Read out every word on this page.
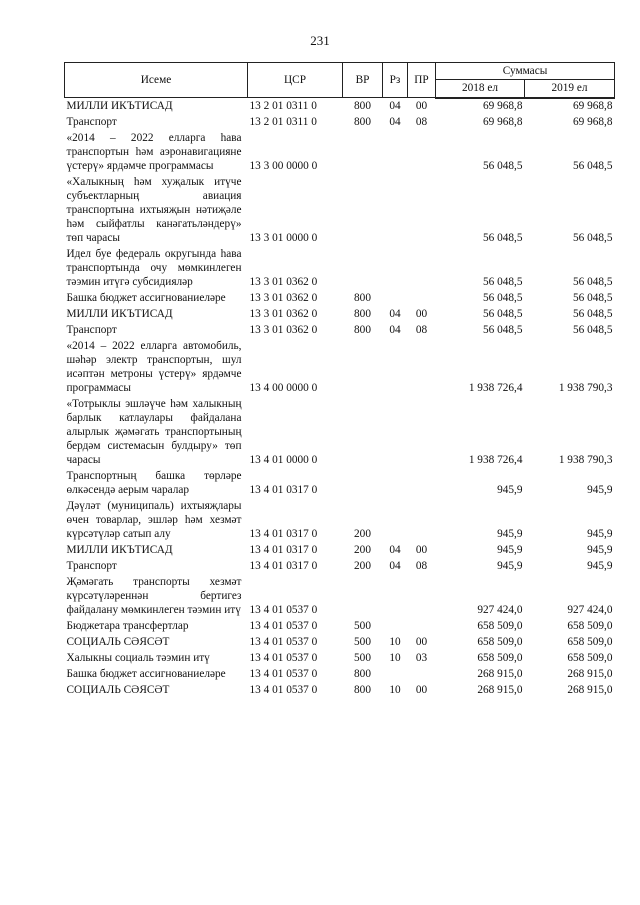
231
Исеме	ЦСР	ВР	Рз	ПР	Суммасы	
					2018 ел	2019 ел
МИЛЛИ ИКЪТИСАД	13 2 01 0311 0	800	04	00	69 968,8	69 968,8
Транспорт	13 2 01 0311 0	800	04	08	69 968,8	69 968,8
«2014 – 2022 елларга һава транспортын һәм аэронавигацияне үстерү» ярдәмче программасы	13 3 00 0000 0				56 048,5	56 048,5
«Халыкның һәм хуҗалык итүче субъектларның авиация транспортына ихтыяҗын нәтиҗәле һәм сыйфатлы канәгатьләндерү» төп чарасы	13 3 01 0000 0				56 048,5	56 048,5
Идел буе федераль округында һава транспортында очу мөмкинлеген тәэмин итүгә субсидияләр	13 3 01 0362 0				56 048,5	56 048,5
Башка бюджет ассигнованиеләре	13 3 01 0362 0	800			56 048,5	56 048,5
МИЛЛИ ИКЪТИСАД	13 3 01 0362 0	800	04	00	56 048,5	56 048,5
Транспорт	13 3 01 0362 0	800	04	08	56 048,5	56 048,5
«2014 – 2022 елларга автомобиль, шәһәр электр транспортын, шул исәптән метроны үстерү» ярдәмче программасы	13 4 00 0000 0				1 938 726,4	1 938 790,3
«Тотрыклы эшләүче һәм халыкның барлык катлаулары файдалана алырлык җәмәгать транспортының бердәм системасын булдыру» төп чарасы	13 4 01 0000 0				1 938 726,4	1 938 790,3
Транспортның башка төрләре өлкәсендә аерым чаралар	13 4 01 0317 0				945,9	945,9
Дәүләт (муниципаль) ихтыяҗлары өчен товарлар, эшләр һәм хезмәт күрсәтүләр сатып алу	13 4 01 0317 0	200			945,9	945,9
МИЛЛИ ИКЪТИСАД	13 4 01 0317 0	200	04	00	945,9	945,9
Транспорт	13 4 01 0317 0	200	04	08	945,9	945,9
Җәмәгать транспорты хезмәт күрсәтүләреннән бертигез файдалану мөмкинлеген тәэмин итү	13 4 01 0537 0				927 424,0	927 424,0
Бюджетара трансфертлар	13 4 01 0537 0	500			658 509,0	658 509,0
СОЦИАЛЬ СӘЯСӘТ	13 4 01 0537 0	500	10	00	658 509,0	658 509,0
Халыкны социаль тәэмин итү	13 4 01 0537 0	500	10	03	658 509,0	658 509,0
Башка бюджет ассигнованиеләре	13 4 01 0537 0	800			268 915,0	268 915,0
СОЦИАЛЬ СӘЯСӘТ	13 4 01 0537 0	800	10	00	268 915,0	268 915,0
